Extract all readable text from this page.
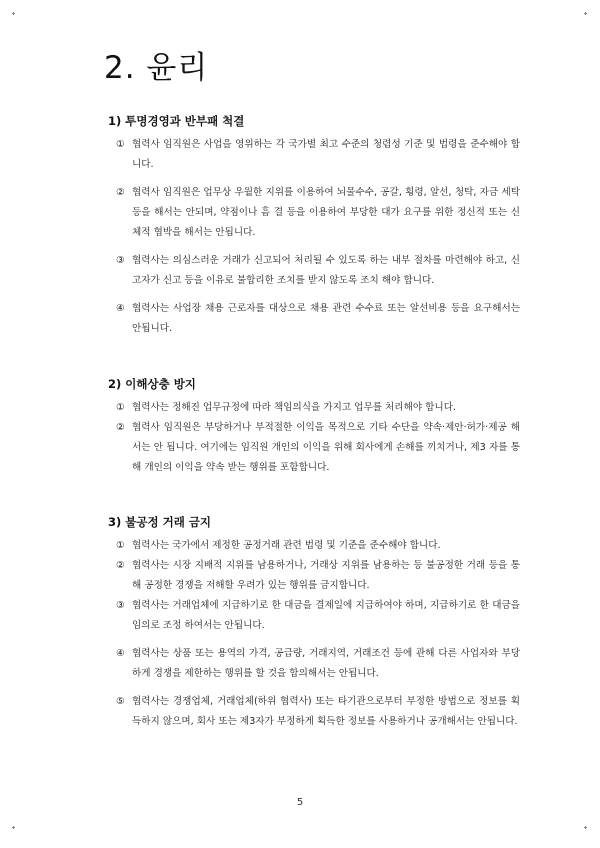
2. 윤리

1) 투명경영과 반부패 척결

① 협력사 임직원은 사업을 영위하는 각 국가별 최고 수준의 청렴성 기준 및 법령을 준수해야 합니다.
② 협력사 임직원은 업무상 우월한 지위를 이용하여 뇌물수수, 공갈, 횡령, 알선, 청탁, 자금 세탁 등을 해서는 안되며, 약점이나 흠 결 등을 이용하여 부당한 대가 요구를 위한 정신적 또는 신체적 협박을 해서는 안됩니다.
③ 협력사는 의심스러운 거래가 신고되어 처리될 수 있도록 하는 내부 절차를 마련해야 하고, 신고자가 신고 등을 이유로 불합리한 조치를 받지 않도록 조치 해야 합니다.
④ 협력사는 사업장 채용 근로자를 대상으로 채용 관련 수수료 또는 알선비용 등을 요구해서는 안됩니다.

2) 이해상충 방지

① 협력사는 정해진 업무규정에 따라 책임의식을 가지고 업무를 처리해야 합니다.
② 협력사 임직원은 부당하거나 부적절한 이익을 목적으로 기타 수단을 약속·제안·허가·제공 해서는 안 됩니다. 여기에는 임직원 개인의 이익을 위해 회사에게 손해를 끼치거나, 제3 자를 통해 개인의 이익을 약속 받는 행위를 포함합니다.

3) 불공정 거래 금지

① 협력사는 국가에서 제정한 공정거래 관련 법령 및 기준을 준수해야 합니다.
② 협력사는 시장 지배적 지위를 남용하거나, 거래상 지위를 남용하는 등 불공정한 거래 등을 통해 공정한 경쟁을 저해할 우려가 있는 행위를 금지합니다.
③ 협력사는 거래업체에 지급하기로 한 대금을 결제일에 지급하여야 하며, 지급하기로 한 대금을 임의로 조정 하여서는 안됩니다.
④ 협력사는 상품 또는 용역의 가격, 공급량, 거래지역, 거래조건 등에 관해 다른 사업자와 부당하게 경쟁을 제한하는 행위를 할 것을 합의해서는 안됩니다.
⑤ 협력사는 경쟁업체, 거래업체(하위 협력사) 또는 타기관으로부터 부정한 방법으로 정보를 획득하지 않으며, 회사 또는 제3자가 부정하게 획득한 정보를 사용하거나 공개해서는 안됩니다.
5
